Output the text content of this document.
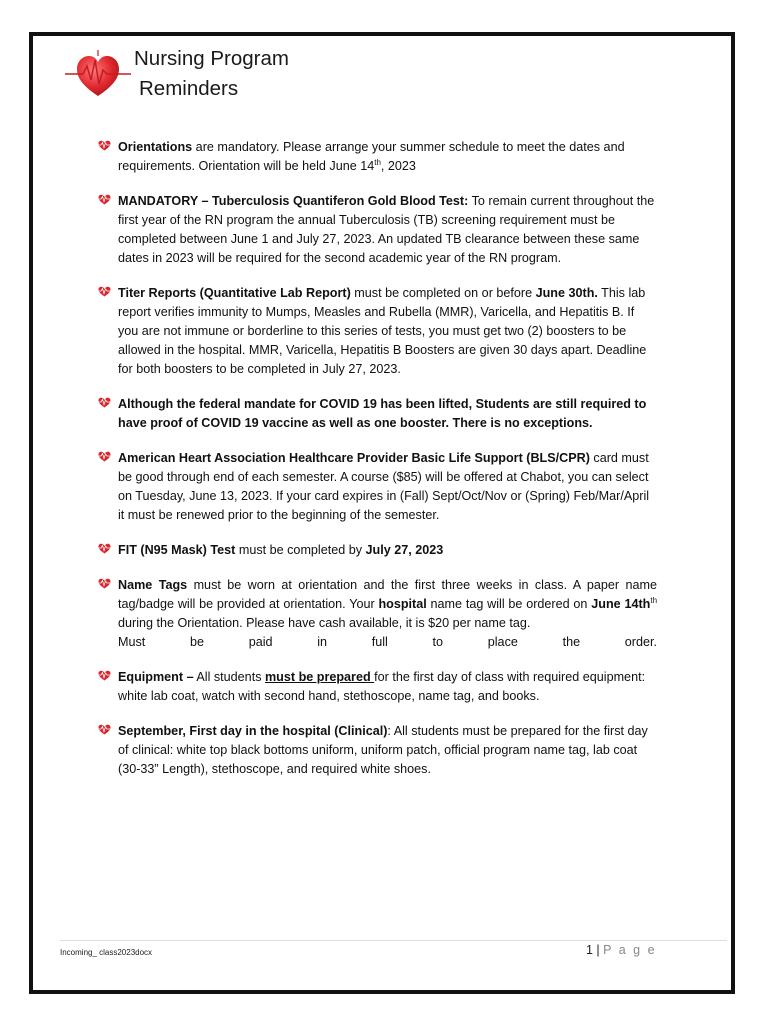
Nursing Program
Reminders
Orientations are mandatory. Please arrange your summer schedule to meet the dates and requirements. Orientation will be held June 14th, 2023
MANDATORY – Tuberculosis Quantiferon Gold Blood Test: To remain current throughout the first year of the RN program the annual Tuberculosis (TB) screening requirement must be completed between June 1 and July 27, 2023. An updated TB clearance between these same dates in 2023 will be required for the second academic year of the RN program.
Titer Reports (Quantitative Lab Report) must be completed on or before June 30th. This lab report verifies immunity to Mumps, Measles and Rubella (MMR), Varicella, and Hepatitis B. If you are not immune or borderline to this series of tests, you must get two (2) boosters to be allowed in the hospital. MMR, Varicella, Hepatitis B Boosters are given 30 days apart. Deadline for both boosters to be completed in July 27, 2023.
Although the federal mandate for COVID 19 has been lifted, Students are still required to have proof of COVID 19 vaccine as well as one booster. There is no exceptions.
American Heart Association Healthcare Provider Basic Life Support (BLS/CPR) card must be good through end of each semester. A course ($85) will be offered at Chabot, you can select on Tuesday, June 13, 2023. If your card expires in (Fall) Sept/Oct/Nov or (Spring) Feb/Mar/April it must be renewed prior to the beginning of the semester.
FIT (N95 Mask) Test must be completed by July 27, 2023
Name Tags must be worn at orientation and the first three weeks in class. A paper name tag/badge will be provided at orientation. Your hospital name tag will be ordered on June $14th^{th}$ during the Orientation. Please have cash available, it is $20 per name tag.
Must be paid in full to place the order.
Equipment – All students must be prepared for the first day of class with required equipment: white lab coat, watch with second hand, stethoscope, name tag, and books.
September, First day in the hospital (Clinical): All students must be prepared for the first day of clinical: white top black bottoms uniform, uniform patch, official program name tag, lab coat (30-33” Length), stethoscope, and required white shoes.
Incoming_ class2023docx	1 | P a g e
